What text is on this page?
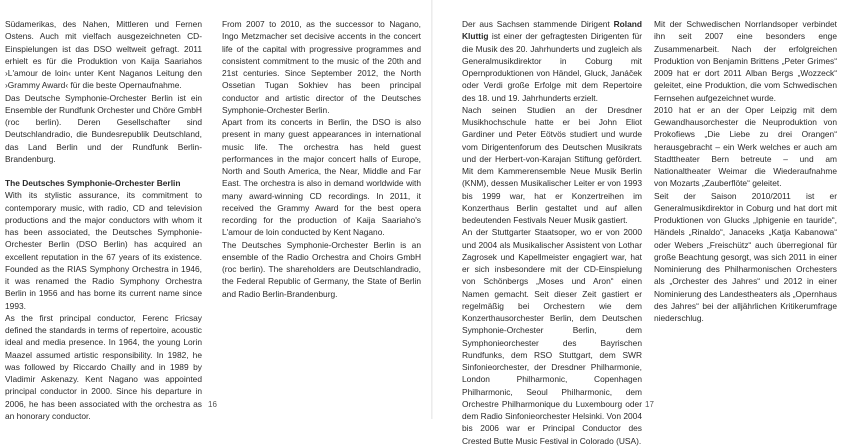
Südamerikas, des Nahen, Mittleren und Fernen Ostens. Auch mit vielfach ausgezeichneten CD-Einspielungen ist das DSO weltweit gefragt. 2011 erhielt es für die Produktion von Kaija Saariahos ›L'amour de loin‹ unter Kent Naganos Leitung den ›Grammy Award‹ für die beste Opernaufnahme.

Das Deutsche Symphonie-Orchester Berlin ist ein Ensemble der Rundfunk Orchester und Chöre GmbH (roc berlin). Deren Gesellschafter sind Deutschlandradio, die Bundesrepublik Deutschland, das Land Berlin und der Rundfunk Berlin-Brandenburg.

The Deutsches Symphonie-Orchester Berlin

With its stylistic assurance, its commitment to contemporary music, with radio, CD and television productions and the major conductors with whom it has been associated, the Deutsches Symphonie-Orchester Berlin (DSO Berlin) has acquired an excellent reputation in the 67 years of its existence. Founded as the RIAS Symphony Orchestra in 1946, it was renamed the Radio Symphony Orchestra Berlin in 1956 and has borne its current name since 1993.

As the first principal conductor, Ferenc Fricsay defined the standards in terms of repertoire, acoustic ideal and media presence. In 1964, the young Lorin Maazel assumed artistic responsibility. In 1982, he was followed by Riccardo Chailly and in 1989 by Vladimir Askenazy. Kent Nagano was appointed principal conductor in 2000. Since his departure in 2006, he has been associated with the orchestra as an honorary conductor.

From 2007 to 2010, as the successor to Nagano, Ingo Metzmacher set decisive accents in the concert life of the capital with progressive programmes and consistent commitment to the music of the 20th and 21st centuries. Since September 2012, the North Ossetian Tugan Sokhiev has been principal conductor and artistic director of the Deutsches Symphonie-Orchester Berlin.

Apart from its concerts in Berlin, the DSO is also present in many guest appearances in international music life. The orchestra has held guest performances in the major concert halls of Europe, North and South America, the Near, Middle and Far East. The orchestra is also in demand worldwide with many award-winning CD recordings. In 2011, it received the Grammy Award for the best opera recording for the production of Kaija Saariaho's L'amour de loin conducted by Kent Nagano.

The Deutsches Symphonie-Orchester Berlin is an ensemble of the Radio Orchestra and Choirs GmbH (roc berlin). The shareholders are Deutschlandradio, the Federal Republic of Germany, the State of Berlin and Radio Berlin-Brandenburg.

16

Der aus Sachsen stammende Dirigent Roland Kluttig ist einer der gefragtesten Dirigenten für die Musik des 20. Jahrhunderts und zugleich als Generalmusikdirektor in Coburg mit Opernproduktionen von Händel, Gluck, Janáček oder Verdi große Erfolge mit dem Repertoire des 18. und 19. Jahrhunderts erzielt.

Nach seinen Studien an der Dresdner Musikhochschule hatte er bei John Eliot Gardiner und Peter Eötvös studiert und wurde vom Dirigentenforum des Deutschen Musikrats und der Herbert-von-Karajan Stiftung gefördert. Mit dem Kammerensemble Neue Musik Berlin (KNM), dessen Musikalischer Leiter er von 1993 bis 1999 war, hat er Konzertreihen im Konzerthaus Berlin gestaltet und auf allen bedeutenden Festivals Neuer Musik gastiert.

An der Stuttgarter Staatsoper, wo er von 2000 und 2004 als Musikalischer Assistent von Lothar Zagrosek und Kapellmeister engagiert war, hat er sich insbesondere mit der CD-Einspielung von Schönbergs „Moses und Aron“ einen Namen gemacht. Seit dieser Zeit gastiert er regelmäßig bei Orchestern wie dem Konzerthausorchester Berlin, dem Deutschen Symphonie-Orchester Berlin, dem Symphonieorchester des Bayrischen Rundfunks, dem RSO Stuttgart, dem SWR Sinfonieorchester, der Dresdner Philharmonie, London Philharmonic, Copenhagen Philharmonic, Seoul Philharmonic, dem Orchestre Philharmonique du Luxembourg oder dem Radio Sinfonieorchester Helsinki. Von 2004 bis 2006 war er Principal Conductor des Crested Butte Music Festival in Colorado (USA).

Mit der Schwedischen Norrlandsoper verbindet ihn seit 2007 eine besonders enge Zusammenarbeit. Nach der erfolgreichen Produktion von Benjamin Brittens „Peter Grimes“ 2009 hat er dort 2011 Alban Bergs „Wozzeck“ geleitet, eine Produktion, die vom Schwedischen Fernsehen aufgezeichnet wurde.

2010 hat er an der Oper Leipzig mit dem Gewandhausorchester die Neuproduktion von Prokofiews „Die Liebe zu drei Orangen“ herausgebracht – ein Werk welches er auch am Stadttheater Bern betreute – und am Nationaltheater Weimar die Wiederaufnahme von Mozarts „Zauberflöte“ geleitet.

Seit der Saison 2010/2011 ist er Generalmusikdirektor in Coburg und hat dort mit Produktionen von Glucks „Iphigenie en tauride“, Händels „Rinaldo“, Janaceks „Katja Kabanowa“ oder Webers „Freischütz“ auch überregional für große Beachtung gesorgt, was sich 2011 in einer Nominierung des Philharmonischen Orchesters als „Orchester des Jahres“ und 2012 in einer Nominierung des Landestheaters als „Opernhaus des Jahres“ bei der alljährlichen Kritikerumfrage niederschlug.

17
